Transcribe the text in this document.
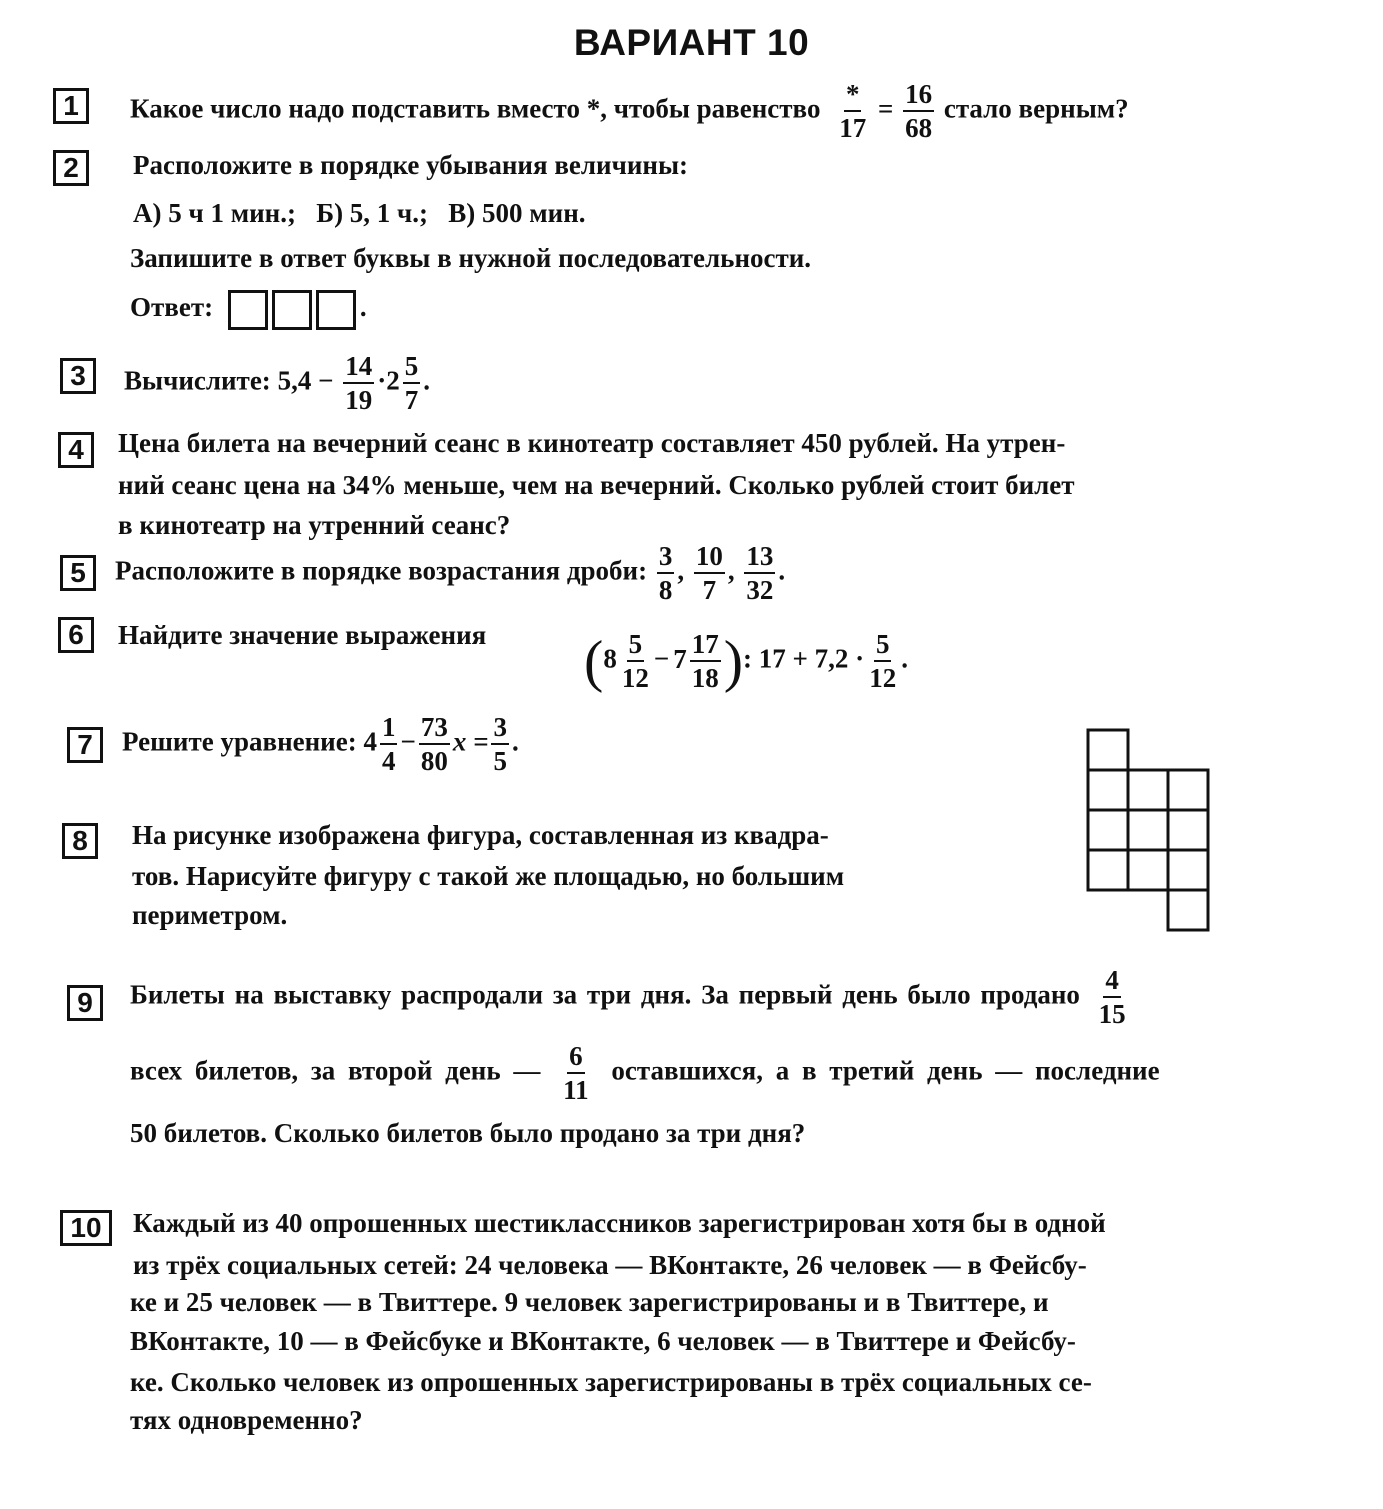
ВАРИАНТ 10
1	Какое число надо подставить вместо *, чтобы равенство $\frac{*}{17} = \frac{16}{68}$ стало верным?
2	Расположите в порядке убывания величины:
А) 5 ч 1 мин.;   Б) 5, 1 ч.;   В) 500 мин.
Запишите в ответ буквы в нужной последовательности.
Ответ:	.
3	Вычислите: $5,4 - \frac{14}{19} \cdot 2 \frac{5}{7}$ .
4	Цена билета на вечерний сеанс в кинотеатр составляет 450 рублей. На утрен-
ний сеанс цена на 34% меньше, чем на вечерний. Сколько рублей стоит билет
в кинотеатр на утренний сеанс?
5	Расположите в порядке возрастания дроби: $\frac{3}{8}$ , $\frac{10}{7}$ , $\frac{13}{32}$ .
6	Найдите значение выражения ($8 \frac{5}{12} - 7 \frac{17}{18}$ ): $17 + 7,2 \cdot \frac{5}{12}$ .
7	Решите уравнение: $4 \frac{1}{4} - \frac{73}{80}$ $x = \frac{3}{5}$ .
8	На рисунке изображена фигура, составленная из квадра-
тов. Нарисуйте фигуру с такой же площадью, но большим
периметром.
9	Билеты на выставку распродали за три дня. За первый день было продано $\frac{4}{15}$
всех билетов, за второй день — $\frac{6}{11}$ оставшихся, а в третий день — последние
50 билетов. Сколько билетов было продано за три дня?
10	Каждый из 40 опрошенных шестиклассников зарегистрирован хотя бы в одной
из трёх социальных сетей: 24 человека — ВКонтакте, 26 человек — в Фейсбу-
ке и 25 человек — в Твиттере. 9 человек зарегистрированы и в Твиттере, и
ВКонтакте, 10 — в Фейсбуке и ВКонтакте, 6 человек — в Твиттере и Фейсбу-
ке. Сколько человек из опрошенных зарегистрированы в трёх социальных се-
тях одновременно?
